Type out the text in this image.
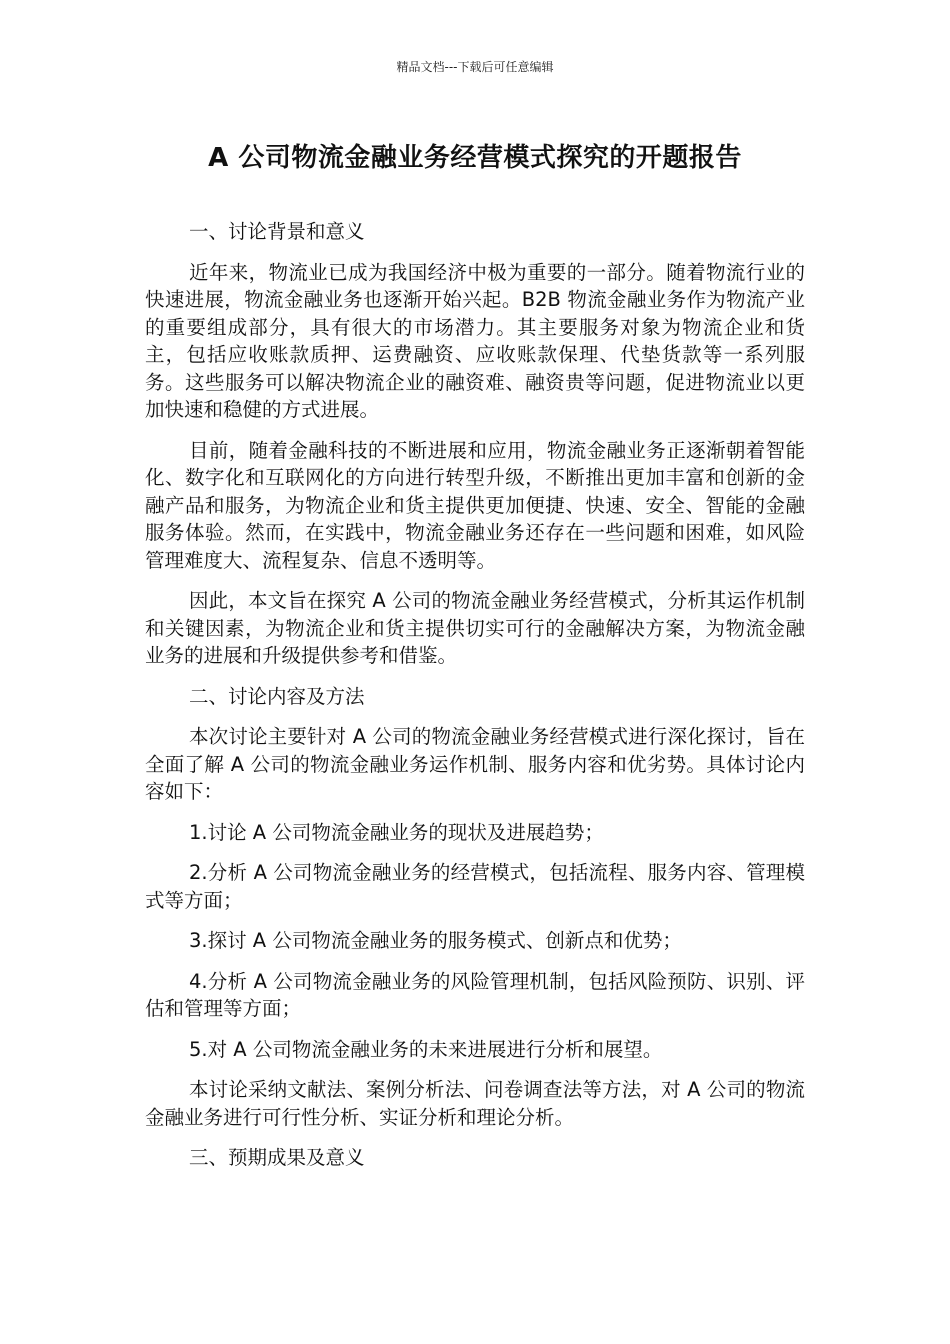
精品文档---下载后可任意编辑
A 公司物流金融业务经营模式探究的开题报告

一、讨论背景和意义

近年来，物流业已成为我国经济中极为重要的一部分。随着物流行业的快速进展，物流金融业务也逐渐开始兴起。B2B 物流金融业务作为物流产业的重要组成部分，具有很大的市场潜力。其主要服务对象为物流企业和货主，包括应收账款质押、运费融资、应收账款保理、代垫货款等一系列服务。这些服务可以解决物流企业的融资难、融资贵等问题，促进物流业以更加快速和稳健的方式进展。

目前，随着金融科技的不断进展和应用，物流金融业务正逐渐朝着智能化、数字化和互联网化的方向进行转型升级，不断推出更加丰富和创新的金融产品和服务，为物流企业和货主提供更加便捷、快速、安全、智能的金融服务体验。然而，在实践中，物流金融业务还存在一些问题和困难，如风险管理难度大、流程复杂、信息不透明等。

因此，本文旨在探究 A 公司的物流金融业务经营模式，分析其运作机制和关键因素，为物流企业和货主提供切实可行的金融解决方案，为物流金融业务的进展和升级提供参考和借鉴。

二、讨论内容及方法

本次讨论主要针对 A 公司的物流金融业务经营模式进行深化探讨，旨在全面了解 A 公司的物流金融业务运作机制、服务内容和优劣势。具体讨论内容如下：

1.讨论 A 公司物流金融业务的现状及进展趋势；

2.分析 A 公司物流金融业务的经营模式，包括流程、服务内容、管理模式等方面；

3.探讨 A 公司物流金融业务的服务模式、创新点和优势；

4.分析 A 公司物流金融业务的风险管理机制，包括风险预防、识别、评估和管理等方面；

5.对 A 公司物流金融业务的未来进展进行分析和展望。

本讨论采纳文献法、案例分析法、问卷调查法等方法，对 A 公司的物流金融业务进行可行性分析、实证分析和理论分析。

三、预期成果及意义
